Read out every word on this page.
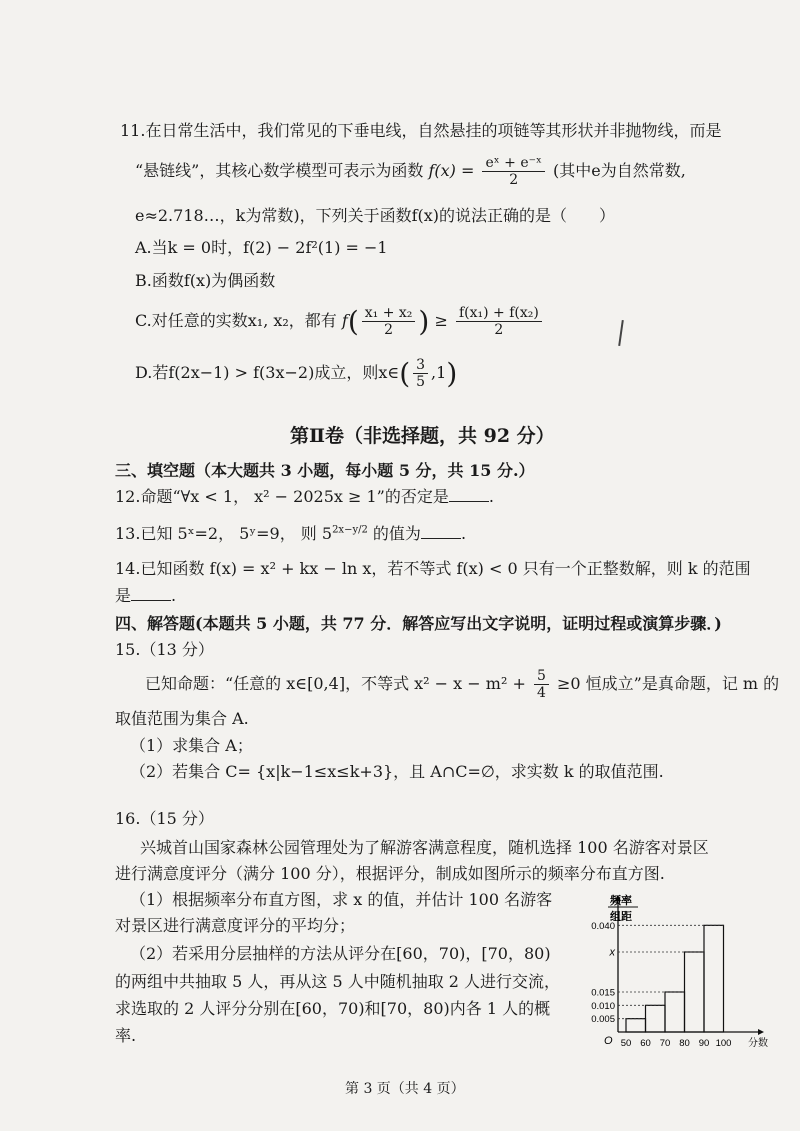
11.在日常生活中，我们常见的下垂电线，自然悬挂的项链等其形状并非抛物线，而是
“悬链线”，其核心数学模型可表示为函数 $f(x) = \frac{\text{eˣ + e⁻ˣ}}{2}$ (其中e为自然常数,
e≈2.718…，k为常数)，下列关于函数f(x)的说法正确的是（　　）
A.当k = 0时，f(2) − 2f²(1) = −1
B.函数f(x)为偶函数
C.对任意的实数x₁, x₂，都有 $f( \frac{\text{x₁ + x₂}}{2}$ ) ≥ $\frac{\text{f(x₁) + f(x₂)}}{2}$
D.若f(2x−1) > f(3x−2)成立，则x∈( $\frac{3}{5} ,1$)
第Ⅱ卷（非选择题，共 92 分）
三、填空题（本大题共 3 小题，每小题 5 分，共 15 分.）
12.命题“∀x < 1， x² − 2025x ≥ 1”的否定是	.
13.已知 5ˣ=2， 5ʸ=9， 则 $5^{2x-y/2}$ 的值为	.
14.已知函数 f(x) = x² + kx − ln x，若不等式 f(x) < 0 只有一个正整数解，则 k 的范围
是	.
四、解答题(本题共 5 小题，共 77 分．解答应写出文字说明，证明过程或演算步骤．)
15.（13 分）
已知命题：“任意的 x∈[0,4]，不等式 $x^2 - x - m^2 + \frac{5}{4} \ge 0$ 恒成立”是真命题，记 m 的
取值范围为集合 A.
（1）求集合 A；
（2）若集合 C= {x|k−1≤x≤k+3}，且 A∩C=∅，求实数 k 的取值范围.
16.（15 分）
兴城首山国家森林公园管理处为了解游客满意程度，随机选择 100 名游客对景区
进行满意度评分（满分 100 分），根据评分，制成如图所示的频率分布直方图.
（1）根据频率分布直方图，求 x 的值，并估计 100 名游客
对景区进行满意度评分的平均分；
（2）若采用分层抽样的方法从评分在[60，70)，[70，80)
的两组中共抽取 5 人，再从这 5 人中随机抽取 2 人进行交流，
求选取的 2 人评分分别在[60，70)和[70，80)内各 1 人的概
率.
频率
组距
0.005
0.010
0.015
x
0.040
50 60 70 80 90 100 分数
O
第 3 页（共 4 页）
